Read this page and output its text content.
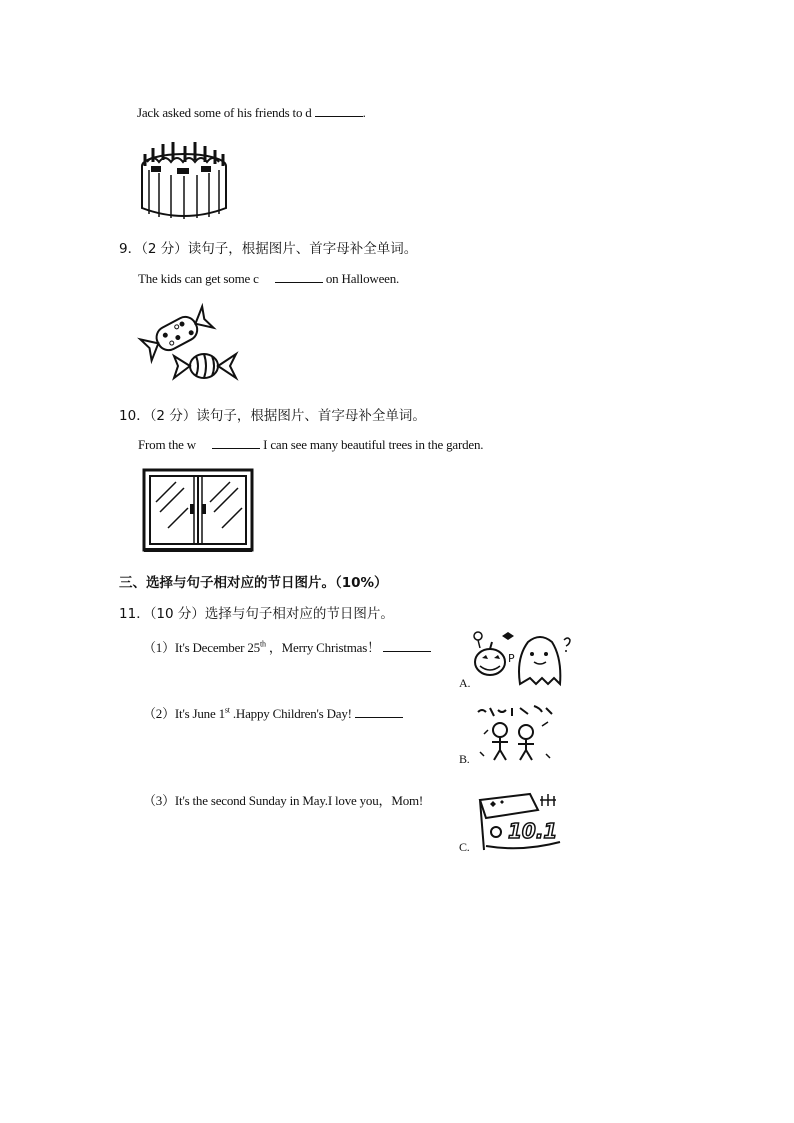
Jack asked some of his friends to d	.
9．（2 分）读句子，根据图片、首字母补全单词。
The kids can get some c	on Halloween.
10．（2 分）读句子，根据图片、首字母补全单词。
From the w	I can see many beautiful trees in the garden.
三、选择与句子相对应的节日图片。（10%）
11．（10 分）选择与句子相对应的节日图片。
（1）It's December 25th ，Merry Christmas！
（2）It's June 1st .Happy Children's Day!
（3）It's the second Sunday in May.I love you，Mom!
P
A.
B.
10.1
C.
